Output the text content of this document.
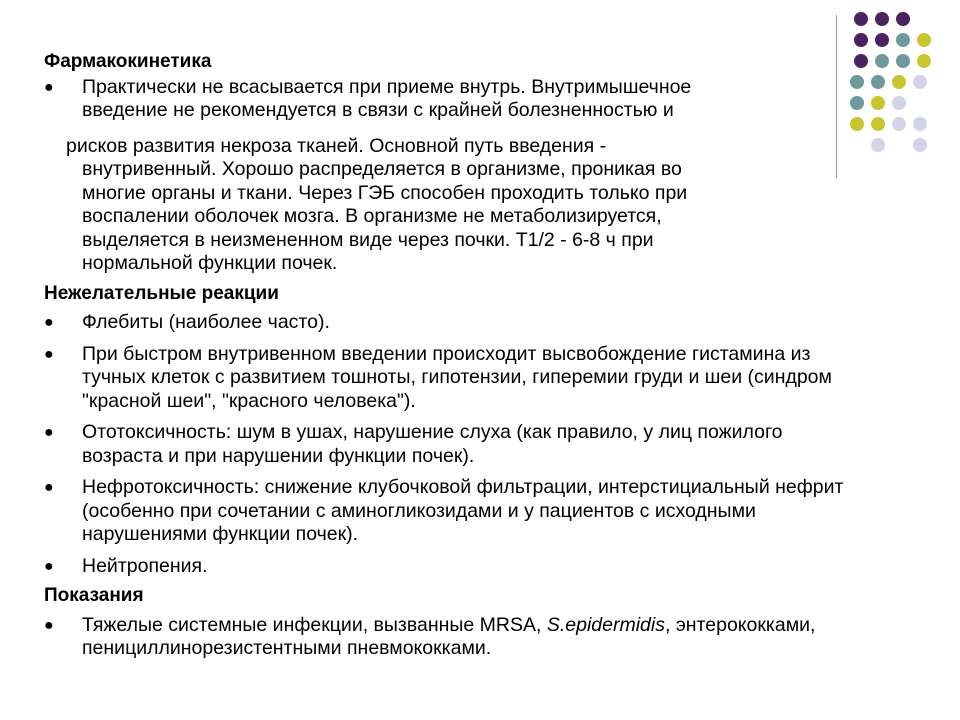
Фармакокинетика
● Практически не всасывается при приеме внутрь. Внутримышечное
введение не рекомендуется в связи с крайней болезненностью и
рисков развития некроза тканей. Основной путь введения -
внутривенный. Хорошо распределяется в организме, проникая во
многие органы и ткани. Через ГЭБ способен проходить только при
воспалении оболочек мозга. В организме не метаболизируется,
выделяется в неизмененном виде через почки. T1/2 - 6-8 ч при
нормальной функции почек.
Нежелательные реакции
● Флебиты (наиболее часто).
● При быстром внутривенном введении происходит высвобождение гистамина из тучных клеток с развитием тошноты, гипотензии, гиперемии груди и шеи (синдром "красной шеи", "красного человека").
● Ототоксичность: шум в ушах, нарушение слуха (как правило, у лиц пожилого возраста и при нарушении функции почек).
● Нефротоксичность: снижение клубочковой фильтрации, интерстициальный нефрит (особенно при сочетании с аминогликозидами и у пациентов с исходными нарушениями функции почек).
● Нейтропения.
Показания
● Тяжелые системные инфекции, вызванные MRSA, S.epidermidis, энтерококками, пенициллинорезистентными пневмококками.
